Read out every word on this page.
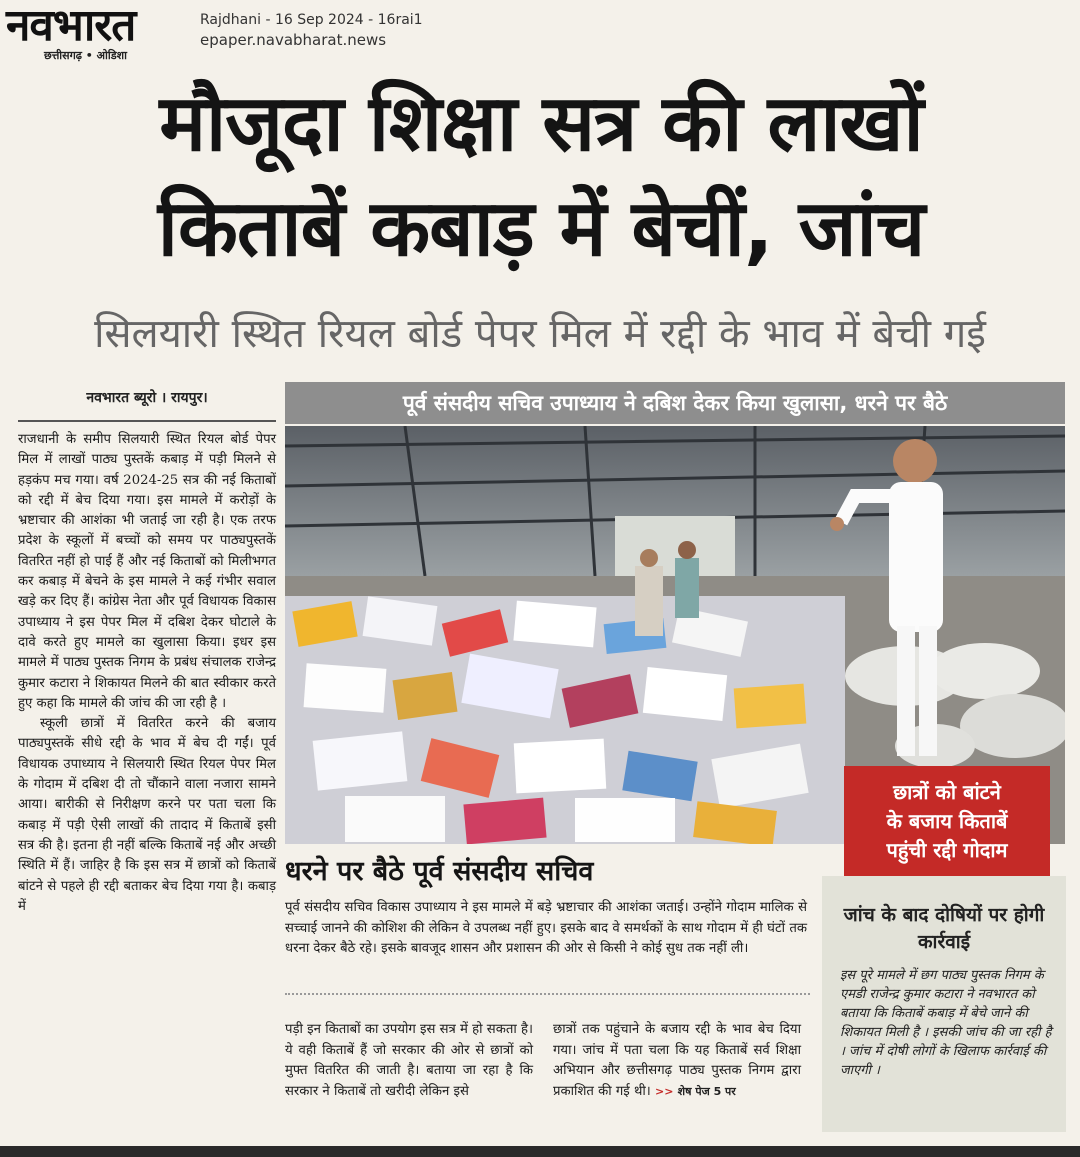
नवभारत
छत्तीसगढ़ • ओडिशा
Rajdhani - 16 Sep 2024 - 16rai1
epaper.navabharat.news
मौजूदा शिक्षा सत्र की लाखों
किताबें कबाड़ में बेचीं, जांच
सिलयारी स्थित रियल बोर्ड पेपर मिल में रद्दी के भाव में बेची गई
नवभारत ब्यूरो । रायपुर।

राजधानी के समीप सिलयारी स्थित रियल बोर्ड पेपर मिल में लाखों पाठ्य पुस्तकें कबाड़ में पड़ी मिलने से हड़कंप मच गया। वर्ष 2024-25 सत्र की नई किताबों को रद्दी में बेच दिया गया। इस मामले में करोड़ों के भ्रष्टाचार की आशंका भी जताई जा रही है। एक तरफ प्रदेश के स्कूलों में बच्चों को समय पर पाठ्यपुस्तकें वितरित नहीं हो पाई हैं और नई किताबों को मिलीभगत कर कबाड़ में बेचने के इस मामले ने कई गंभीर सवाल खड़े कर दिए हैं। कांग्रेस नेता और पूर्व विधायक विकास उपाध्याय ने इस पेपर मिल में दबिश देकर घोटाले के दावे करते हुए मामले का खुलासा किया। इधर इस मामले में पाठ्य पुस्तक निगम के प्रबंध संचालक राजेन्द्र कुमार कटारा ने शिकायत मिलने की बात स्वीकार करते हुए कहा कि मामले की जांच की जा रही है ।

स्कूली छात्रों में वितरित करने की बजाय पाठ्यपुस्तकें सीधे रद्दी के भाव में बेच दी गईं। पूर्व विधायक उपाध्याय ने सिलयारी स्थित रियल पेपर मिल के गोदाम में दबिश दी तो चौंकाने वाला नजारा सामने आया। बारीकी से निरीक्षण करने पर पता चला कि कबाड़ में पड़ी ऐसी लाखों की तादाद में किताबें इसी सत्र की है। इतना ही नहीं बल्कि किताबें नई और अच्छी स्थिति में हैं। जाहिर है कि इस सत्र में छात्रों को किताबें बांटने से पहले ही रद्दी बताकर बेच दिया गया है। कबाड़ में

पूर्व संसदीय सचिव उपाध्याय ने दबिश देकर किया खुलासा, धरने पर बैठे
छात्रों को बांटने
के बजाय किताबें
पहुंची रद्दी गोदाम
धरने पर बैठे पूर्व संसदीय सचिव

पूर्व संसदीय सचिव विकास उपाध्याय ने इस मामले में बड़े भ्रष्टाचार की आशंका जताई। उन्होंने गोदाम मालिक से सच्चाई जानने की कोशिश की लेकिन वे उपलब्ध नहीं हुए। इसके बाद वे समर्थकों के साथ गोदाम में ही घंटों तक धरना देकर बैठे रहे। इसके बावजूद शासन और प्रशासन की ओर से किसी ने कोई सुध तक नहीं ली।

पड़ी इन किताबों का उपयोग इस सत्र में हो सकता है। ये वही किताबें हैं जो सरकार की ओर से छात्रों को मुफ्त वितरित की जाती है। बताया जा रहा है कि सरकार ने किताबें तो खरीदी लेकिन इसे

छात्रों तक पहुंचाने के बजाय रद्दी के भाव बेच दिया गया। जांच में पता चला कि यह किताबें सर्व शिक्षा अभियान और छत्तीसगढ़ पाठ्य पुस्तक निगम द्वारा प्रकाशित की गई थी। >> शेष पेज 5 पर

जांच के बाद दोषियों पर होगी कार्रवाई
इस पूरे मामले में छग पाठ्य पुस्तक निगम के एमडी राजेन्द्र कुमार कटारा ने नवभारत को बताया कि किताबें कबाड़ में बेचे जाने की शिकायत मिली है । इसकी जांच की जा रही है । जांच में दोषी लोगों के खिलाफ कार्रवाई की जाएगी ।
